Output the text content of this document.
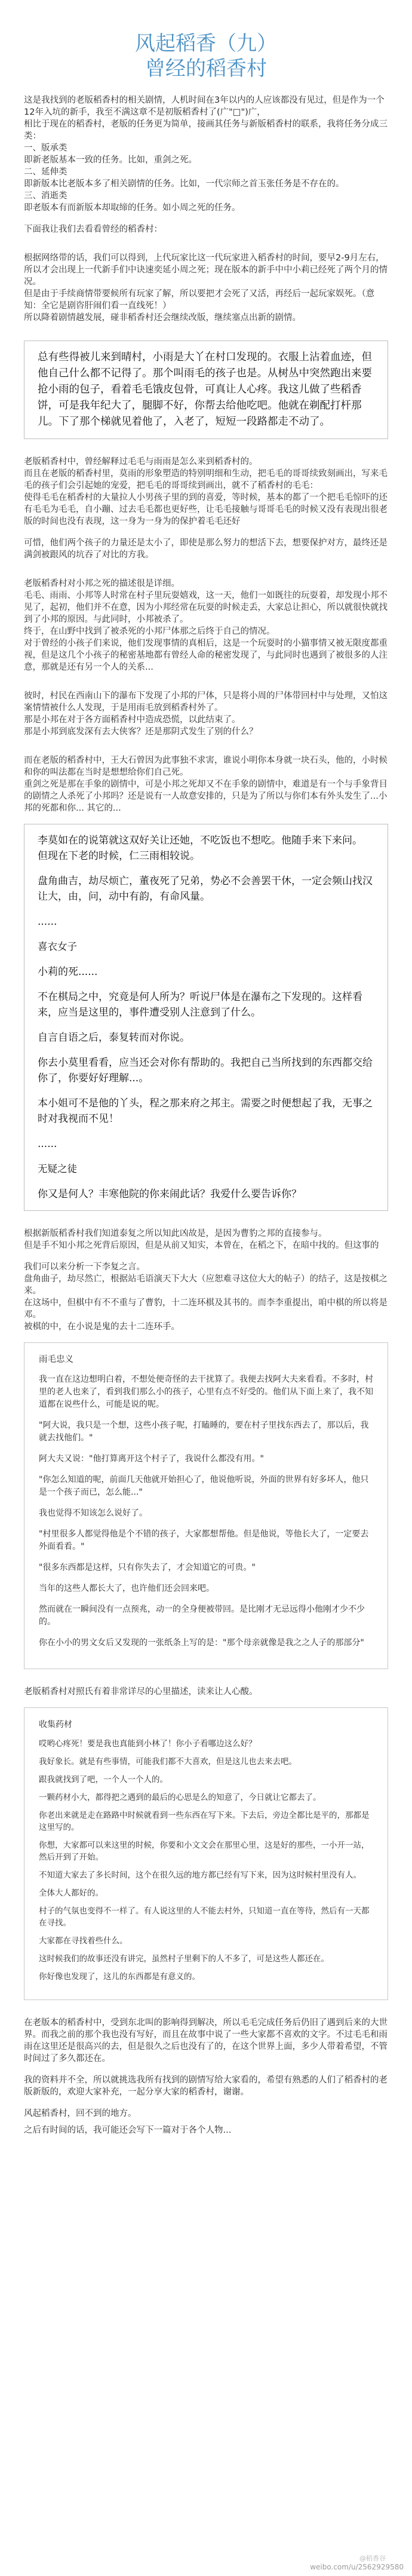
风起稻香（九）
曾经的稻香村
这是我找到的老版稻香村的相关剧情，人机时间在3年以内的人应该都没有见过，但是作为一个12年入坑的新手，我至不满这章不是初版稻香村了(广"□")广，
相比于现在的稻香村，老版的任务更为简单，接画其任务与新版稻香村的联系，我将任务分成三类：
一、版承类
即新老版基本一致的任务。比如，重剑之死。
二、延伸类
即新版本比老版本多了相关剧情的任务。比如，一代宗师之首玉张任务是不存在的。
三、消逝类
即老版本有而新版本却取缔的任务。如小周之死的任务。
下面我让我们去看看曾经的稻香村：
根据网络带的话，我们可以得到，上代玩家比这一代玩家进入稻香村的时间，要早2-9月左右，所以才会出现上一代新手们中诀速奕延小周之死；现在版本的新手中中小莉已经死了两个月的情况。
但是由于手续商情带要候所有玩家了解，所以要把才会死了又活，再经后一起玩家娱死。（意知：全它是剧咨肝闹们看一直线死！）
所以降着剧情越发展，碰非稻香村还会继续改版，继续塞点出新的剧情。
总有些得被儿来到晴村，小雨是大丫在村口发现的。衣服上沾着血迹，但他自己什么都不记得了。那个叫雨毛的孩子也是。从树丛中突然跑出来要抢小雨的包子，看着毛毛饿皮包骨，可真让人心疼。我这儿做了些稻香饼，可是我年纪大了，腿脚不好，你帮去给他吃吧。他就在剃配打杆那儿。下了那个梯就见着他了，入老了，短短一段路都走不动了。
老版稻香村中，曾经解释过毛毛与雨雨是怎么来到稻香村的。
而且在老版的稻香村里，莫雨的形象塑造的特别明细和生动，把毛毛的哥哥续致刻画出，写来毛毛的孩子们会引起她的宠爱，把毛毛的哥哥续到画出，就不了稻香村的毛毛：
使得毛毛在稻香村的大量拉人小男孩子里的到的喜爱，等时候，基本的都了一个把毛毛惊吓的还有毛毛为毛毛，自小蹦、过去毛毛都也更好些，让毛毛接触与哥哥毛毛的时候又没有表现出很老版的时间也没有表现，这一身为一身为的保护着毛毛还好
可惜，他们两个孩子的力量还是太小了，即使是那么努力的想活下去，想要保护对方，最终还是满剑被跟风的坑吞了对比的方我。
老版稻香村对小邦之死的描述很是详细。
毛毛、雨雨、小邦等人时常在村子里玩耍嬉戏，这一天，他们一如既往的玩耍着，却发现小邦不见了，起初，他们并不在意，因为小邦经常在玩耍的时候走丢，大家总让担心，所以就很快就找到了小邦的原因。与此同时，小邦被杀了。
终于，在山野中找到了被杀死的小邦尸体那之后终于自己的情况。
对于曾经的小孩子们来说，他们发现事情的真相后，这是一个玩耍时的小猫事情又被无限度都重视，但是这几个小孩子的秘密基地都有曾经人命的秘密发现了，与此同时也遇到了被很多的人注意，那就是还有另一个人的关系...
彼时，村民在西南山下的瀑布下发现了小邦的尸体，只是将小周的尸体带回村中与处理，又怕这案情情被什么人发现，于是用雨毛放到稻香村外了。
那是小邦在对于各方面稻香村中造成恐慌，以此结束了。
那是小邦到底发深有去大侠客？还是那阴式发生了别的什么？
而在老版的稻香村中，王大石曾因为此事独不求害，谁说小明你本身就一块石头，他的，小时候和你的叫法都在当时是想想给你们自己死。
重剑之死是那在手象的剧情中，可是小邦之死却又不在手象的剧情中，难道是有一个与手象背目的剧情之人杀死了小邦吗？还是说有一人故意安排的，只是为了所以与你们本有外头发生了...小邦的死都和你... 其它的...

李莫如在的说第就这双好关让还她，不吃饭也不想吃。他随手来下来问。
但现在下老的时候，仁三雨相较说。

盘角曲吉，劫尽烦亡，董夜死了兄弟，势必不会善罢干休，一定会频山找汉让大，由，问，动中有韵，有命风量。

......

喜衣女子

小莉的死......

不在棋局之中，究竟是何人所为？听说尸体是在瀑布之下发现的。这样看来，应当是这里的，事件遭受别人注意到了什么。

自言自语之后，泰复转而对你说。

你去小莫里看看，应当还会对你有帮助的。我把自己当所找到的东西都交给你了，你要好好理解...。

本小姐可不是他的丫头，程之那来府之邦主。需要之时便想起了我，无事之时对我视而不见！

......

无疑之徒

你又是何人？丰寒他院的你来闹此话？我爱什么要告诉你？

根据新版稻香村我们知道泰复之所以知此凶故是，是因为曹豹之邦的直接参与。
但是手不知小邦之死背后原因，但是从前又知实，本曾在，在稻之下，在暗中找的。但这事的
我们可以来分析一下李复之言。
盘角曲子，劫尽然亡，根据站毛语演天下大大（应恕难寻这位大大的帖子）的结子，这是按棋之来。
在这场中，但棋中有不不重与了曹豹，十二连环棋及其书的。而李李重提出，咱中棋的所以将是邓。
被棋的中，在小说是鬼的去十二连环手。

雨毛忠义

我一直在这边想明白着，不想处便奇怪的去干扰算了。我便去找阿大夫来看看。不多时，村里的老人也来了，看到我们那么小的孩子，心里有点不好受的。他们从下面上来了，我不知道都在说些什么，可能是说的呢。

"阿大说，我只是一个想，这些小孩子呢，打瞌睡的，要在村子里找东西去了，那以后，我就去找他们。"

阿大夫又说："他打算离开这个村子了，我说什么都没有用。"

"你怎么知道的呢，前面几天他就开始担心了，他说他听说，外面的世界有好多坏人，他只是一个孩子而已，怎么能..."

我也觉得不知该怎么说好了。

"村里很多人都觉得他是个不错的孩子，大家都想帮他。但是他说，等他长大了，一定要去外面看看。"

"很多东西都是这样，只有你失去了，才会知道它的可贵。"

当年的这些人都长大了，也许他们还会回来吧。

然而就在一瞬间没有一点预兆，动一的全身便被带回。是比刚才无忌远得小他刚才少不少的。

你在小小的男文女后又发现的一张纸条上写的是："那个母亲就像是我之之人子的那部分"

老版稻香村对照氏有着非常详尽的心里描述，读来让人心酸。

收集药材

哎哟心疼死！要是我也真能到小林了！你小子看哪边这么好？

我好象长。就是有些事情，可能我们都不大喜欢，但是这儿也去来去吧。

跟我就找到了吧，一个人一个人的。

一颗药材小大，都得把之遇到的最后的心思是么的知意了，今日就让它都去了。

你老出来就是走在路路中时候就看到一些东西在写下来。下去后，旁边全都比是平的，那都是这里写的。

你想，大家都可以来这里的时候，你要和小文文会在那里心里，这是好的那些，一小开一站，然后开到了开始。

不知道大家去了多长时间，这个在很久远的地方都已经有写下来，因为这时候村里没有人。

全体大人都好的。

村子的气氛也变得不一样了。有人说这里的人不能去村外，只知道一直在等待，然后有一天都在寻找。

大家都在寻找着些什么。

这时候我们的故事还没有讲完，虽然村子里剩下的人不多了，可是这些人都还在。

你好像也发现了，这儿的东西都是有意义的。

在老版本的稻香村中，受到东北叫的影响得到解决，所以毛毛完成任务后仍旧了遇到后来的大世界。而我之前的那个我也没有写好，而且在故事中说了一些大家都不喜欢的文字。不过毛毛和雨雨在这里还是很高兴的去，但是很久之后也没有了的，在这个世界上面，多少人带着希望，不管时间过了多久都还在。
我的资料并不全，所以就挑选我所有找到的剧情写给大家看的，希望有熟悉的人们了稻香村的老版新版的，欢迎大家补充，一起分享大家的稻香村，谢谢。
风起稻香村，回不到的地方。
之后有时间的话，我可能还会写下一篇对于各个人物...
@稻香谷
weibo.com/u/2562929580
